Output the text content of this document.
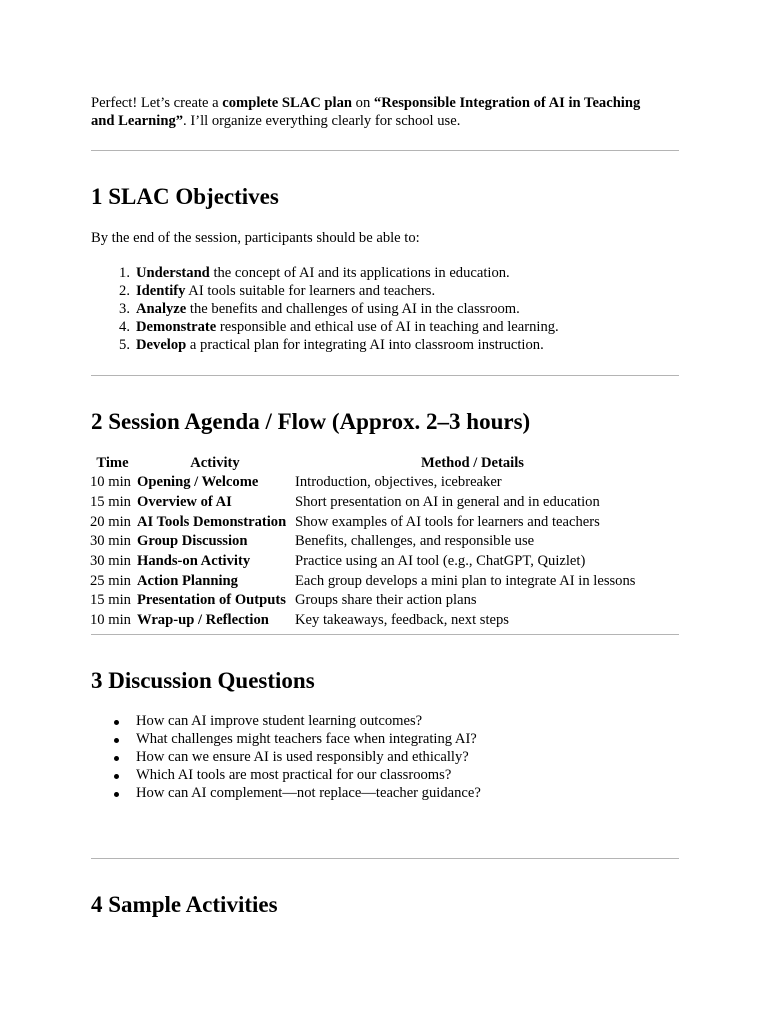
Perfect! Let’s create a complete SLAC plan on “Responsible Integration of AI in Teaching
and Learning”. I’ll organize everything clearly for school use.
1 SLAC Objectives
By the end of the session, participants should be able to:
1. Understand the concept of AI and its applications in education.
2. Identify AI tools suitable for learners and teachers.
3. Analyze the benefits and challenges of using AI in the classroom.
4. Demonstrate responsible and ethical use of AI in teaching and learning.
5. Develop a practical plan for integrating AI into classroom instruction.
2 Session Agenda / Flow (Approx. 2–3 hours)
Time	Activity	Method / Details
10 min	Opening / Welcome	Introduction, objectives, icebreaker
15 min	Overview of AI	Short presentation on AI in general and in education
20 min	AI Tools Demonstration	Show examples of AI tools for learners and teachers
30 min	Group Discussion	Benefits, challenges, and responsible use
30 min	Hands-on Activity	Practice using an AI tool (e.g., ChatGPT, Quizlet)
25 min	Action Planning	Each group develops a mini plan to integrate AI in lessons
15 min	Presentation of Outputs	Groups share their action plans
10 min	Wrap-up / Reflection	Key takeaways, feedback, next steps
3 Discussion Questions
How can AI improve student learning outcomes?
What challenges might teachers face when integrating AI?
How can we ensure AI is used responsibly and ethically?
Which AI tools are most practical for our classrooms?
How can AI complement—not replace—teacher guidance?
4 Sample Activities
